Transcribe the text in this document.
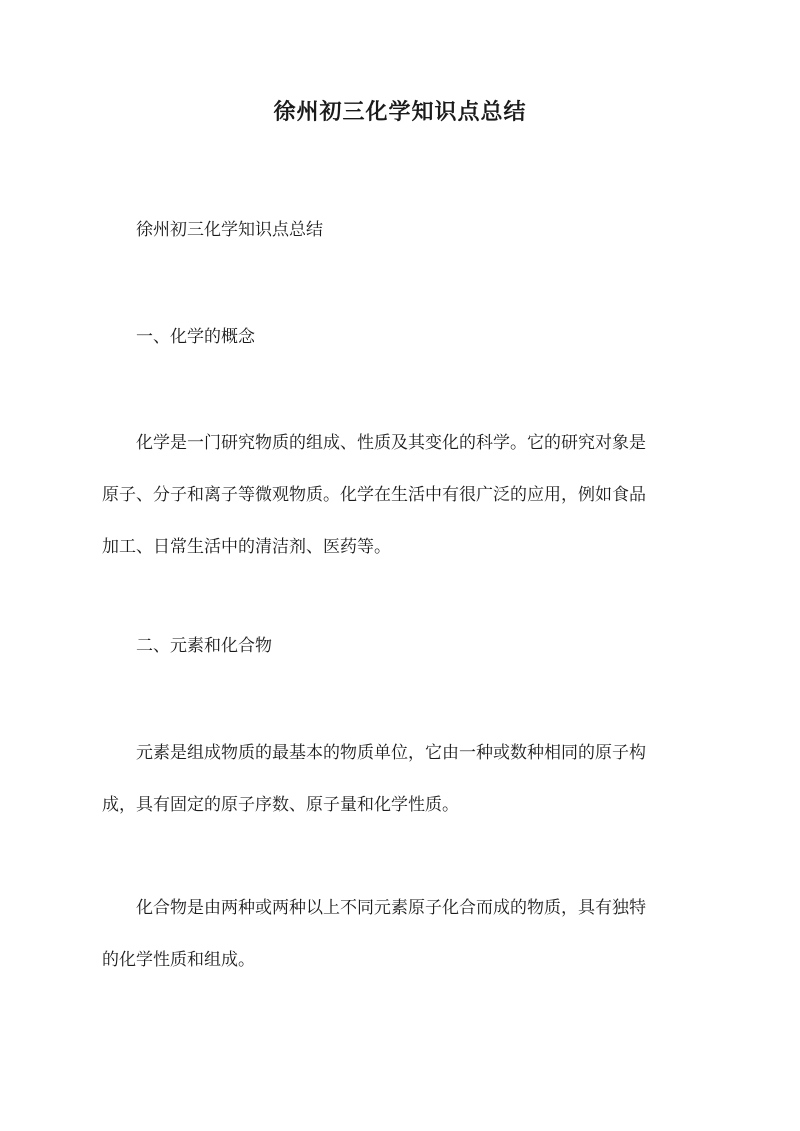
徐州初三化学知识点总结
徐州初三化学知识点总结
一、化学的概念
化学是一门研究物质的组成、性质及其变化的科学。它的研究对象是
原子、分子和离子等微观物质。化学在生活中有很广泛的应用，例如食品
加工、日常生活中的清洁剂、医药等。
二、元素和化合物
元素是组成物质的最基本的物质单位，它由一种或数种相同的原子构
成，具有固定的原子序数、原子量和化学性质。
化合物是由两种或两种以上不同元素原子化合而成的物质，具有独特
的化学性质和组成。
